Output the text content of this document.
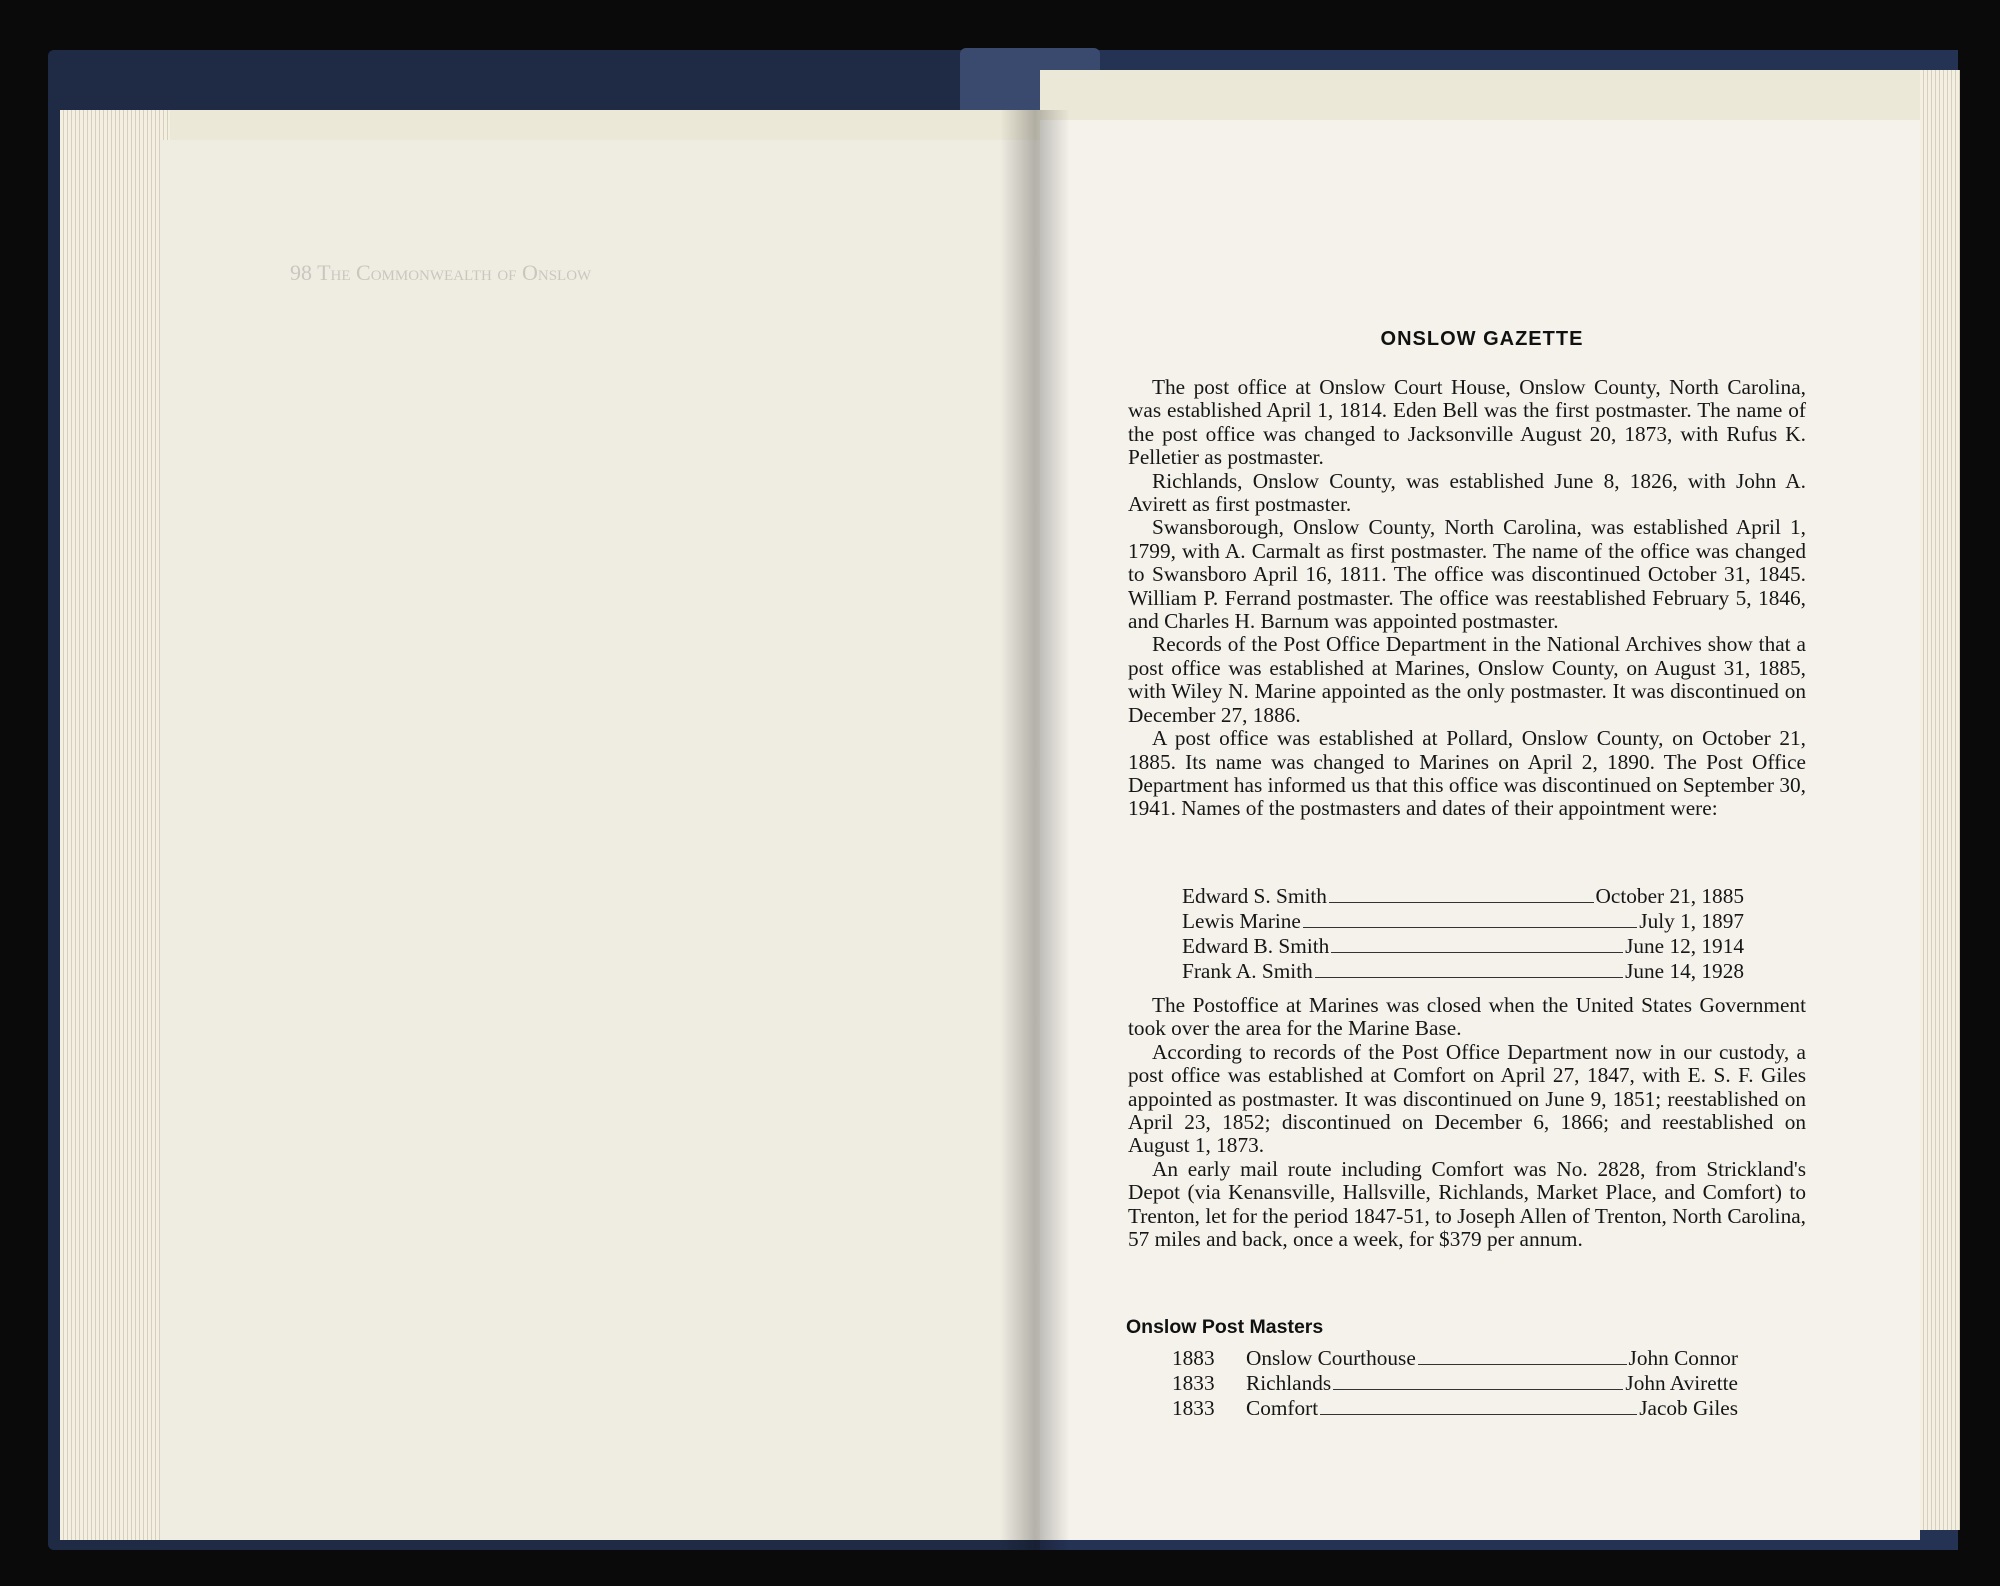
98 The Commonwealth of Onslow
ONSLOW GAZETTE

The post office at Onslow Court House, Onslow County, North Carolina, was established April 1, 1814. Eden Bell was the first postmaster. The name of the post office was changed to Jacksonville August 20, 1873, with Rufus K. Pelletier as postmaster.

Richlands, Onslow County, was established June 8, 1826, with John A. Avirett as first postmaster.

Swansborough, Onslow County, North Carolina, was established April 1, 1799, with A. Carmalt as first postmaster. The name of the office was changed to Swansboro April 16, 1811. The office was discontinued October 31, 1845. William P. Ferrand postmaster. The office was reestablished February 5, 1846, and Charles H. Barnum was appointed postmaster.

Records of the Post Office Department in the National Archives show that a post office was established at Marines, Onslow County, on August 31, 1885, with Wiley N. Marine appointed as the only postmaster. It was discontinued on December 27, 1886.

A post office was established at Pollard, Onslow County, on October 21, 1885. Its name was changed to Marines on April 2, 1890. The Post Office Department has informed us that this office was discontinued on September 30, 1941. Names of the postmasters and dates of their appointment were:

Edward S. Smith	October 21, 1885
Lewis Marine	July 1, 1897
Edward B. Smith	June 12, 1914
Frank A. Smith	June 14, 1928

The Postoffice at Marines was closed when the United States Government took over the area for the Marine Base.

According to records of the Post Office Department now in our custody, a post office was established at Comfort on April 27, 1847, with E. S. F. Giles appointed as postmaster. It was discontinued on June 9, 1851; reestablished on April 23, 1852; discontinued on December 6, 1866; and reestablished on August 1, 1873.

An early mail route including Comfort was No. 2828, from Strickland's Depot (via Kenansville, Hallsville, Richlands, Market Place, and Comfort) to Trenton, let for the period 1847-51, to Joseph Allen of Trenton, North Carolina, 57 miles and back, once a week, for $379 per annum.

Onslow Post Masters
1883	Onslow Courthouse	John Connor
1833	Richlands	John Avirette
1833	Comfort	Jacob Giles
